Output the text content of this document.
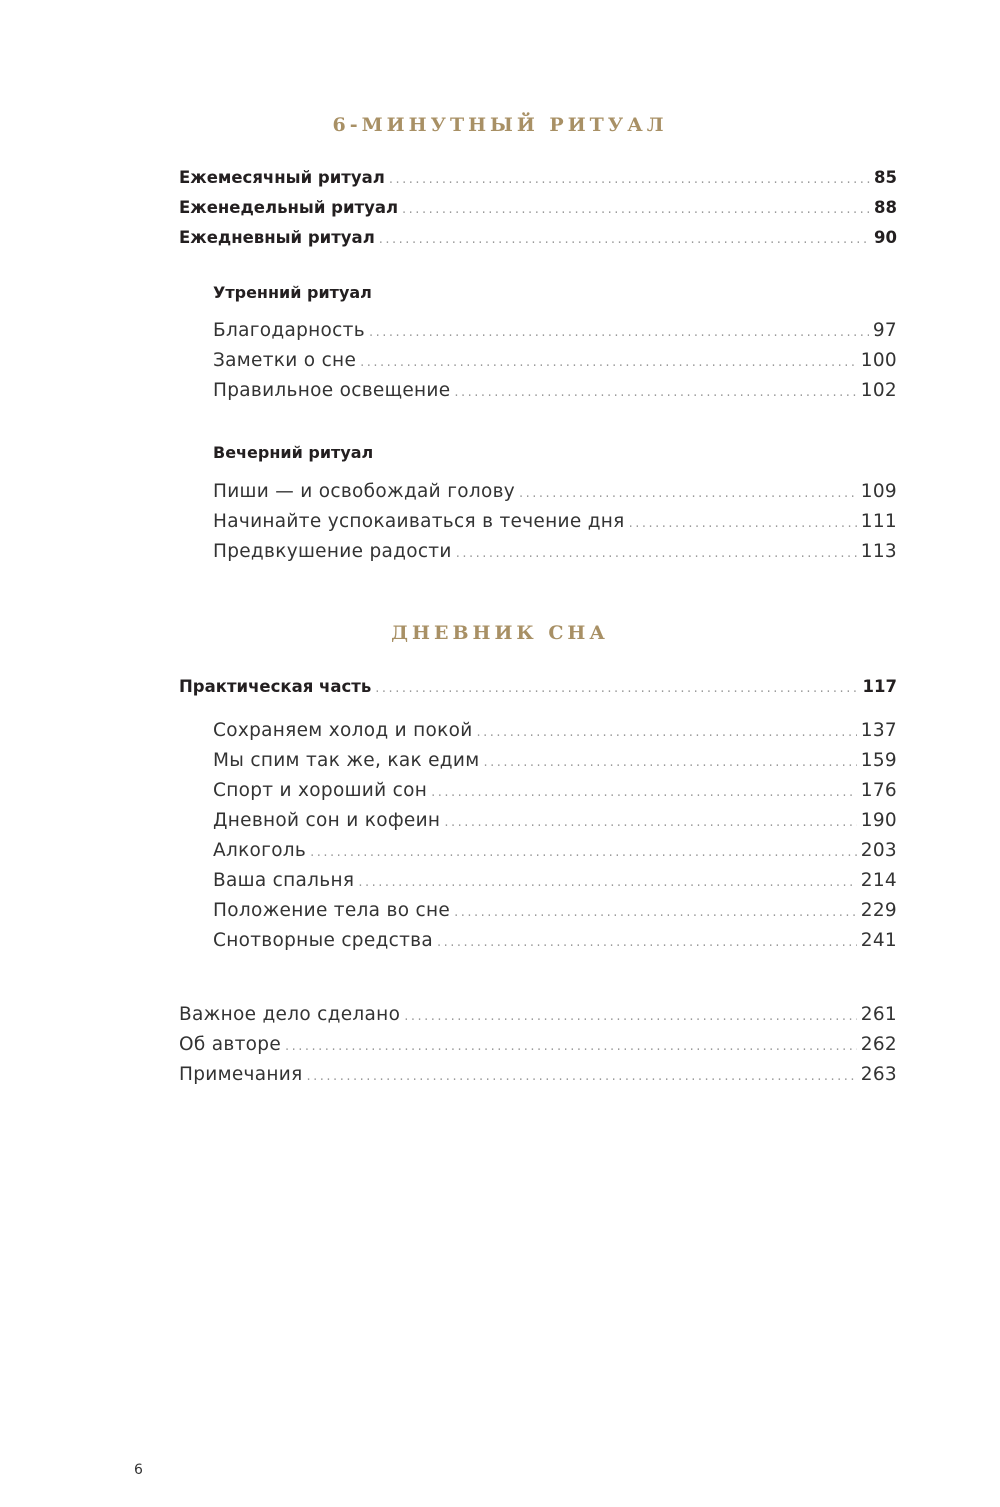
6-МИНУТНЫЙ РИТУАЛ
Ежемесячный ритуал .....	85
Еженедельный ритуал .....	88
Ежедневный ритуал .....	90
Утренний ритуал
Благодарность .....	97
Заметки о сне .....	100
Правильное освещение .....	102
Вечерний ритуал
Пиши — и освобождай голову .....	109
Начинайте успокаиваться в течение дня .....	111
Предвкушение радости .....	113
ДНЕВНИК СНА
Практическая часть .....	117
Сохраняем холод и покой .....	137
Мы спим так же, как едим .....	159
Спорт и хороший сон .....	176
Дневной сон и кофеин .....	190
Алкоголь .....	203
Ваша спальня .....	214
Положение тела во сне .....	229
Снотворные средства .....	241
Важное дело сделано .....	261
Об авторе .....	262
Примечания .....	263
6
